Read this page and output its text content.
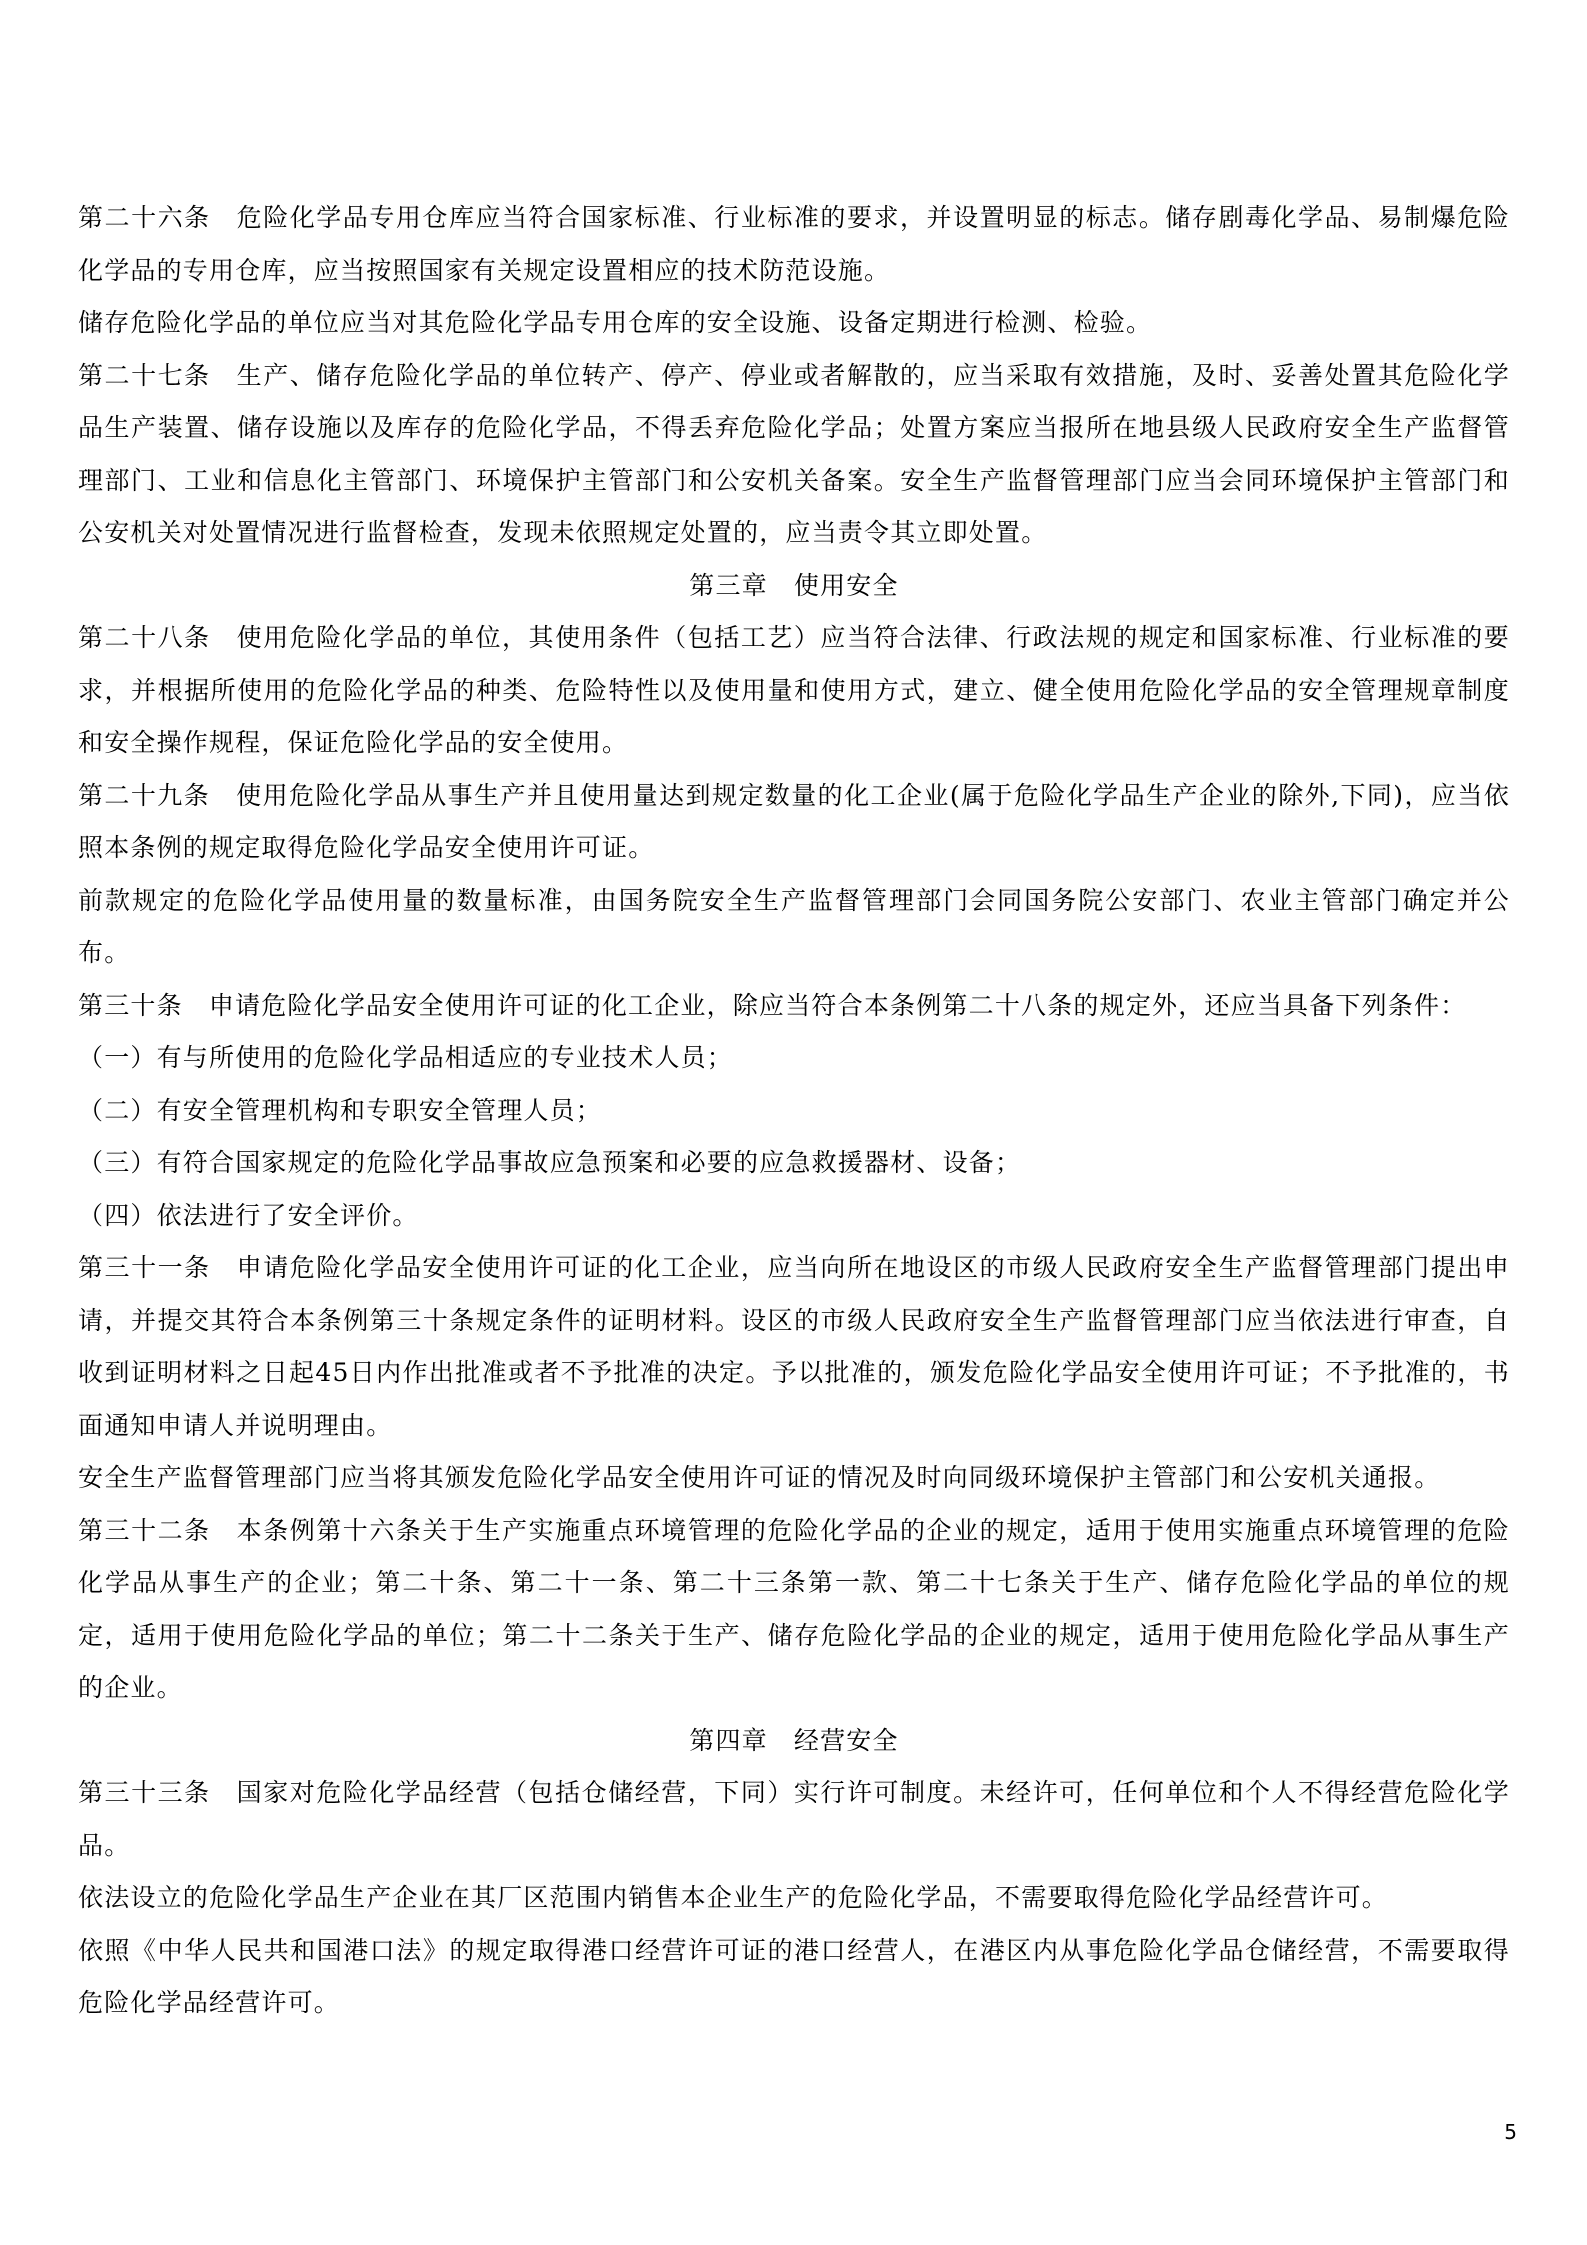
第二十六条 危险化学品专用仓库应当符合国家标准、行业标准的要求，并设置明显的标志。储存剧毒化学品、易制爆危险化学品的专用仓库，应当按照国家有关规定设置相应的技术防范设施。

储存危险化学品的单位应当对其危险化学品专用仓库的安全设施、设备定期进行检测、检验。

第二十七条 生产、储存危险化学品的单位转产、停产、停业或者解散的，应当采取有效措施，及时、妥善处置其危险化学品生产装置、储存设施以及库存的危险化学品，不得丢弃危险化学品；处置方案应当报所在地县级人民政府安全生产监督管理部门、工业和信息化主管部门、环境保护主管部门和公安机关备案。安全生产监督管理部门应当会同环境保护主管部门和公安机关对处置情况进行监督检查，发现未依照规定处置的，应当责令其立即处置。

第三章 使用安全

第二十八条 使用危险化学品的单位，其使用条件（包括工艺）应当符合法律、行政法规的规定和国家标准、行业标准的要求，并根据所使用的危险化学品的种类、危险特性以及使用量和使用方式，建立、健全使用危险化学品的安全管理规章制度和安全操作规程，保证危险化学品的安全使用。

第二十九条 使用危险化学品从事生产并且使用量达到规定数量的化工企业(属于危险化学品生产企业的除外,下同)，应当依照本条例的规定取得危险化学品安全使用许可证。

前款规定的危险化学品使用量的数量标准，由国务院安全生产监督管理部门会同国务院公安部门、农业主管部门确定并公布。

第三十条 申请危险化学品安全使用许可证的化工企业，除应当符合本条例第二十八条的规定外，还应当具备下列条件：

（一）有与所使用的危险化学品相适应的专业技术人员；

（二）有安全管理机构和专职安全管理人员；

（三）有符合国家规定的危险化学品事故应急预案和必要的应急救援器材、设备；

（四）依法进行了安全评价。

第三十一条 申请危险化学品安全使用许可证的化工企业，应当向所在地设区的市级人民政府安全生产监督管理部门提出申请，并提交其符合本条例第三十条规定条件的证明材料。设区的市级人民政府安全生产监督管理部门应当依法进行审查，自收到证明材料之日起45日内作出批准或者不予批准的决定。予以批准的，颁发危险化学品安全使用许可证；不予批准的，书面通知申请人并说明理由。

安全生产监督管理部门应当将其颁发危险化学品安全使用许可证的情况及时向同级环境保护主管部门和公安机关通报。

第三十二条 本条例第十六条关于生产实施重点环境管理的危险化学品的企业的规定，适用于使用实施重点环境管理的危险化学品从事生产的企业；第二十条、第二十一条、第二十三条第一款、第二十七条关于生产、储存危险化学品的单位的规定，适用于使用危险化学品的单位；第二十二条关于生产、储存危险化学品的企业的规定，适用于使用危险化学品从事生产的企业。

第四章 经营安全

第三十三条 国家对危险化学品经营（包括仓储经营，下同）实行许可制度。未经许可，任何单位和个人不得经营危险化学品。

依法设立的危险化学品生产企业在其厂区范围内销售本企业生产的危险化学品，不需要取得危险化学品经营许可。

依照《中华人民共和国港口法》的规定取得港口经营许可证的港口经营人，在港区内从事危险化学品仓储经营，不需要取得危险化学品经营许可。

5
